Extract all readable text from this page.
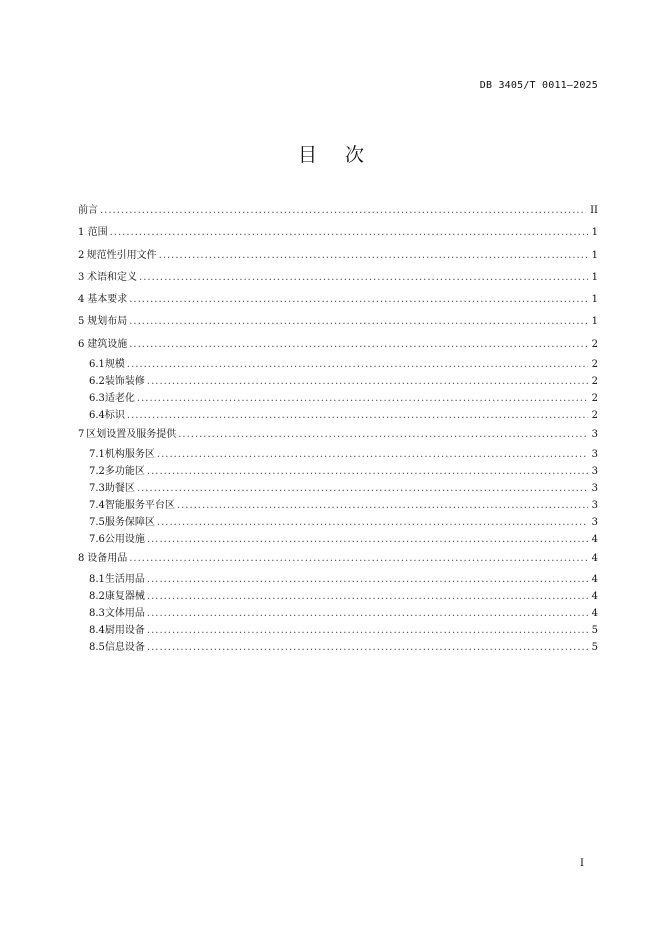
DB 3405/T 0011—2025
目次
前言 .....	II
1 范围 .....	1
2 规范性引用文件 .....	1
3 术语和定义 .....	1
4 基本要求 .....	1
5 规划布局 .....	1
6 建筑设施 .....	2
6.1 规模 .....	2
6.2 装饰装修 .....	2
6.3 适老化 .....	2
6.4 标识 .....	2
7 区划设置及服务提供 .....	3
7.1 机构服务区 .....	3
7.2 多功能区 .....	3
7.3 助餐区 .....	3
7.4 智能服务平台区 .....	3
7.5 服务保障区 .....	3
7.6 公用设施 .....	4
8 设备用品 .....	4
8.1 生活用品 .....	4
8.2 康复器械 .....	4
8.3 文体用品 .....	4
8.4 厨用设备 .....	5
8.5 信息设备 .....	5
I
